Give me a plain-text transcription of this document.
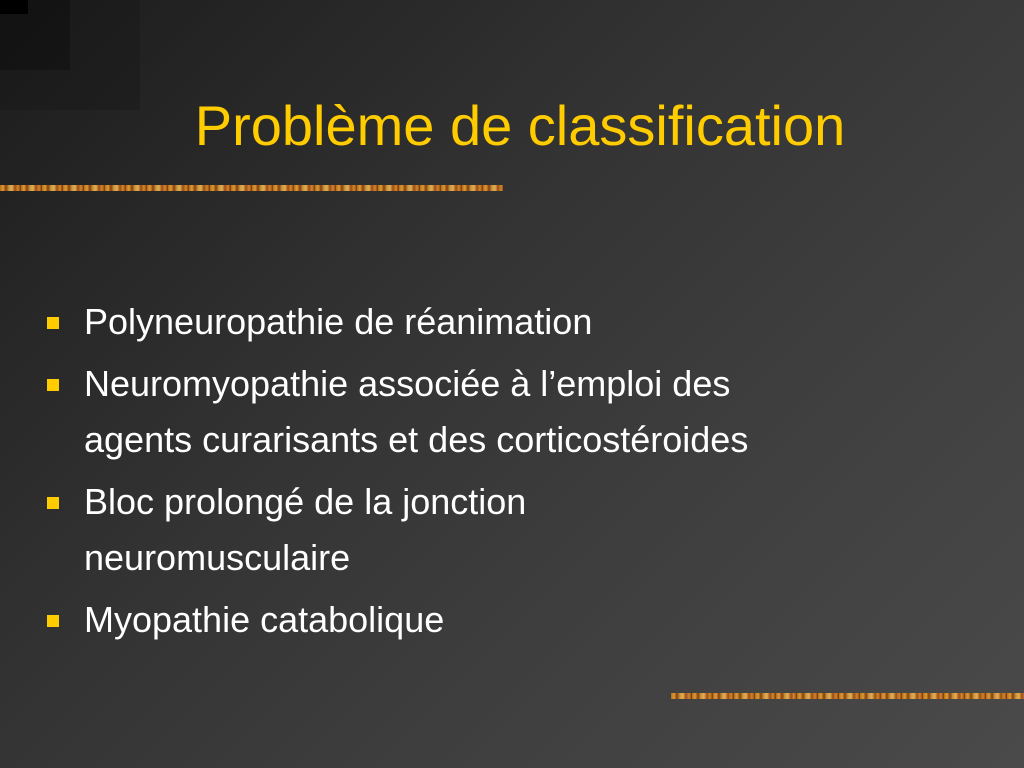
Problème de classification
Polyneuropathie de réanimation
Neuromyopathie associée à l’emploi des
agents curarisants et des corticostéroides
Bloc prolongé de la jonction
neuromusculaire
Myopathie catabolique
